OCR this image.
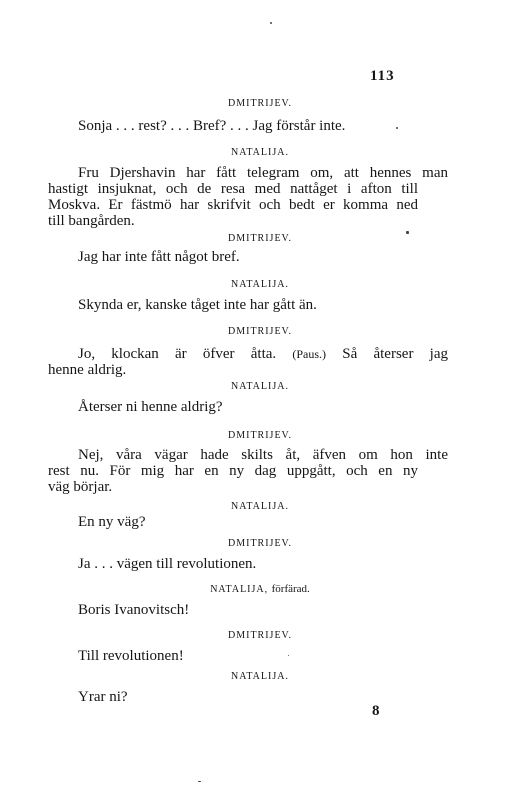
113
DMITRIJEV.
Sonja . . . rest? . . . Bref? . . . Jag förstår inte.
NATALIJA.
Fru Djershavin har fått telegram om, att hennes man
hastigt insjuknat, och de resa med nattåget i afton till
Moskva. Er fästmö har skrifvit och bedt er komma ned
till bangården.
DMITRIJEV.
Jag har inte fått något bref.
NATALIJA.
Skynda er, kanske tåget inte har gått än.
DMITRIJEV.
Jo, klockan är öfver åtta. (Paus.) Så återser jag
henne aldrig.
NATALIJA.
Återser ni henne aldrig?
DMITRIJEV.
Nej, våra vägar hade skilts åt, äfven om hon inte
rest nu. För mig har en ny dag uppgått, och en ny
väg börjar.
NATALIJA.
En ny väg?
DMITRIJEV.
Ja . . . vägen till revolutionen.
NATALIJA, förfärad.
Boris Ivanovitsch!
DMITRIJEV.
Till revolutionen!
NATALIJA.
Yrar ni?
8
